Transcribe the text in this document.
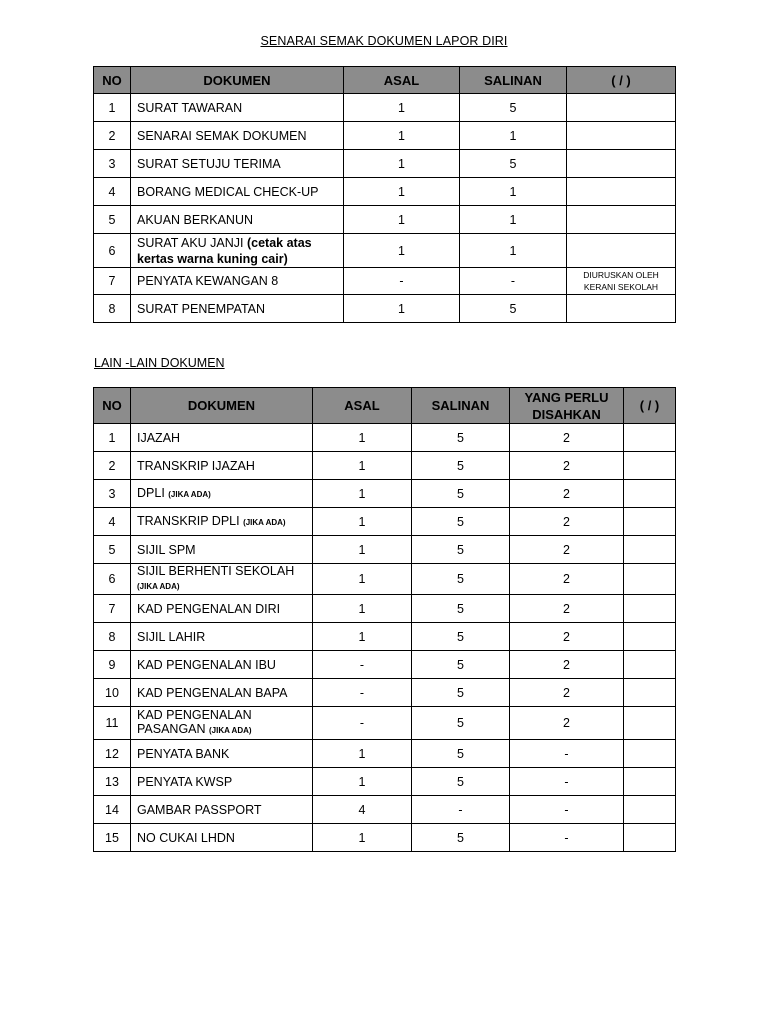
SENARAI SEMAK DOKUMEN LAPOR DIRI
NO	DOKUMEN	ASAL	SALINAN	( / )
1	SURAT TAWARAN	1	5	
2	SENARAI SEMAK DOKUMEN	1	1	
3	SURAT SETUJU TERIMA	1	5	
4	BORANG MEDICAL CHECK-UP	1	1	
5	AKUAN BERKANUN	1	1	
6	SURAT AKU JANJI (cetak atas kertas warna kuning cair)	1	1	
7	PENYATA KEWANGAN 8	-	-	DIURUSKAN OLEH KERANI SEKOLAH
8	SURAT PENEMPATAN	1	5	
LAIN -LAIN DOKUMEN
NO	DOKUMEN	ASAL	SALINAN	YANG PERLU DISAHKAN	( / )
1	IJAZAH	1	5	2	
2	TRANSKRIP IJAZAH	1	5	2	
3	DPLI (JIKA ADA)	1	5	2	
4	TRANSKRIP DPLI (JIKA ADA)	1	5	2	
5	SIJIL SPM	1	5	2	
6	SIJIL BERHENTI SEKOLAH (JIKA ADA)	1	5	2	
7	KAD PENGENALAN DIRI	1	5	2	
8	SIJIL LAHIR	1	5	2	
9	KAD PENGENALAN IBU	-	5	2	
10	KAD PENGENALAN BAPA	-	5	2	
11	KAD PENGENALAN PASANGAN (JIKA ADA)	-	5	2	
12	PENYATA BANK	1	5	-	
13	PENYATA KWSP	1	5	-	
14	GAMBAR PASSPORT	4	-	-	
15	NO CUKAI LHDN	1	5	-	
